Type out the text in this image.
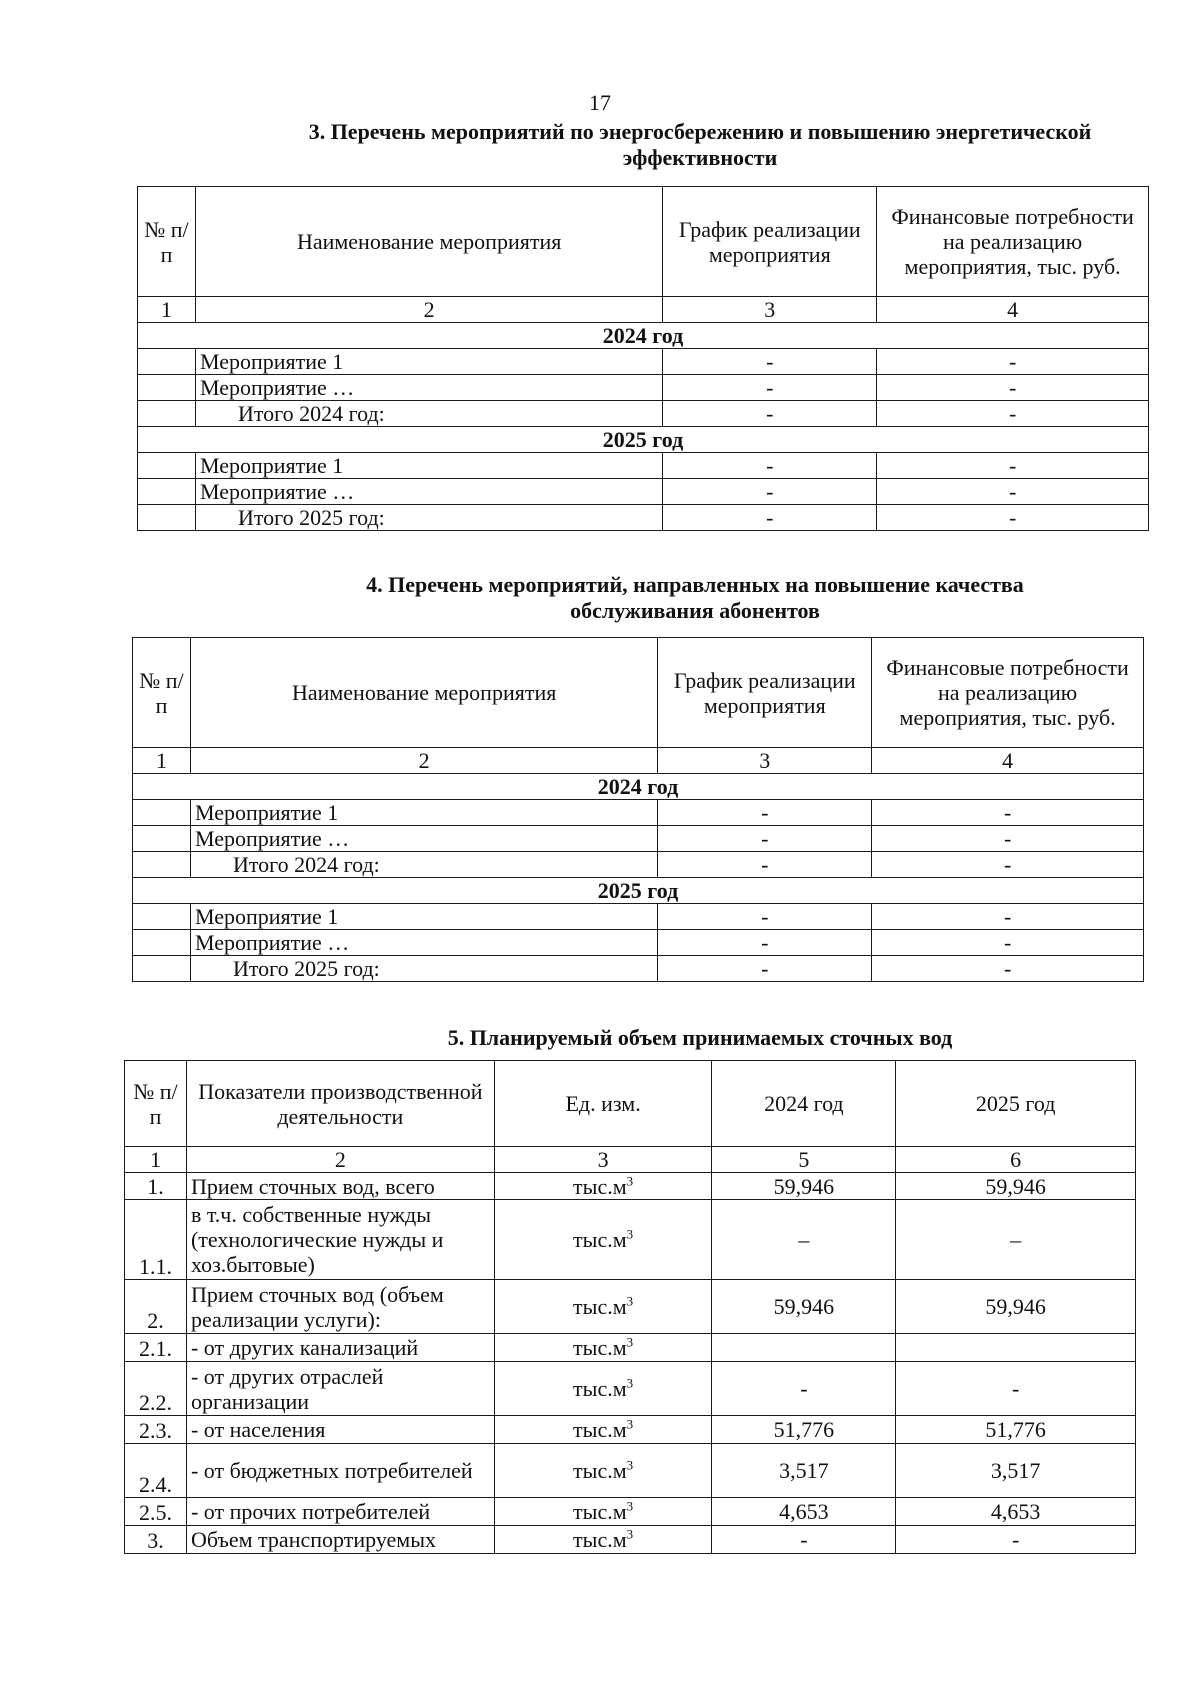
17
3. Перечень мероприятий по энергосбережению и повышению энергетической
эффективности
№ п/п	Наименование мероприятия	График реализации мероприятия	Финансовые потребности на реализацию мероприятия, тыс. руб.
1	2	3	4
2024 год			
	Мероприятие 1	-	-
	Мероприятие …	-	-
	Итого 2024 год:	-	-
2025 год			
	Мероприятие 1	-	-
	Мероприятие …	-	-
	Итого 2025 год:	-	-
4. Перечень мероприятий, направленных на повышение качества
обслуживания абонентов
№ п/п	Наименование мероприятия	График реализации мероприятия	Финансовые потребности на реализацию мероприятия, тыс. руб.
1	2	3	4
2024 год			
	Мероприятие 1	-	-
	Мероприятие …	-	-
	Итого 2024 год:	-	-
2025 год			
	Мероприятие 1	-	-
	Мероприятие …	-	-
	Итого 2025 год:	-	-
5. Планируемый объем принимаемых сточных вод
№ п/п	Показатели производственной деятельности	Ед. изм.	2024 год	2025 год
1	2	3	5	6
1.	Прием сточных вод, всего	$тыс.м^3$	59,946	59,946
1.1.	в т.ч. собственные нужды (технологические нужды и хоз.бытовые)	$тыс.м^3$	–	–
2.	Прием сточных вод (объем реализации услуги):	$тыс.м^3$	59,946	59,946
2.1.	- от других канализаций	$тыс.м^3$		
2.2.	- от других отраслей организации	$тыс.м^3$	-	-
2.3.	- от населения	$тыс.м^3$	51,776	51,776
2.4.	- от бюджетных потребителей	$тыс.м^3$	3,517	3,517
2.5.	- от прочих потребителей	$тыс.м^3$	4,653	4,653
3.	Объем транспортируемых	$тыс.м^3$	-	-
